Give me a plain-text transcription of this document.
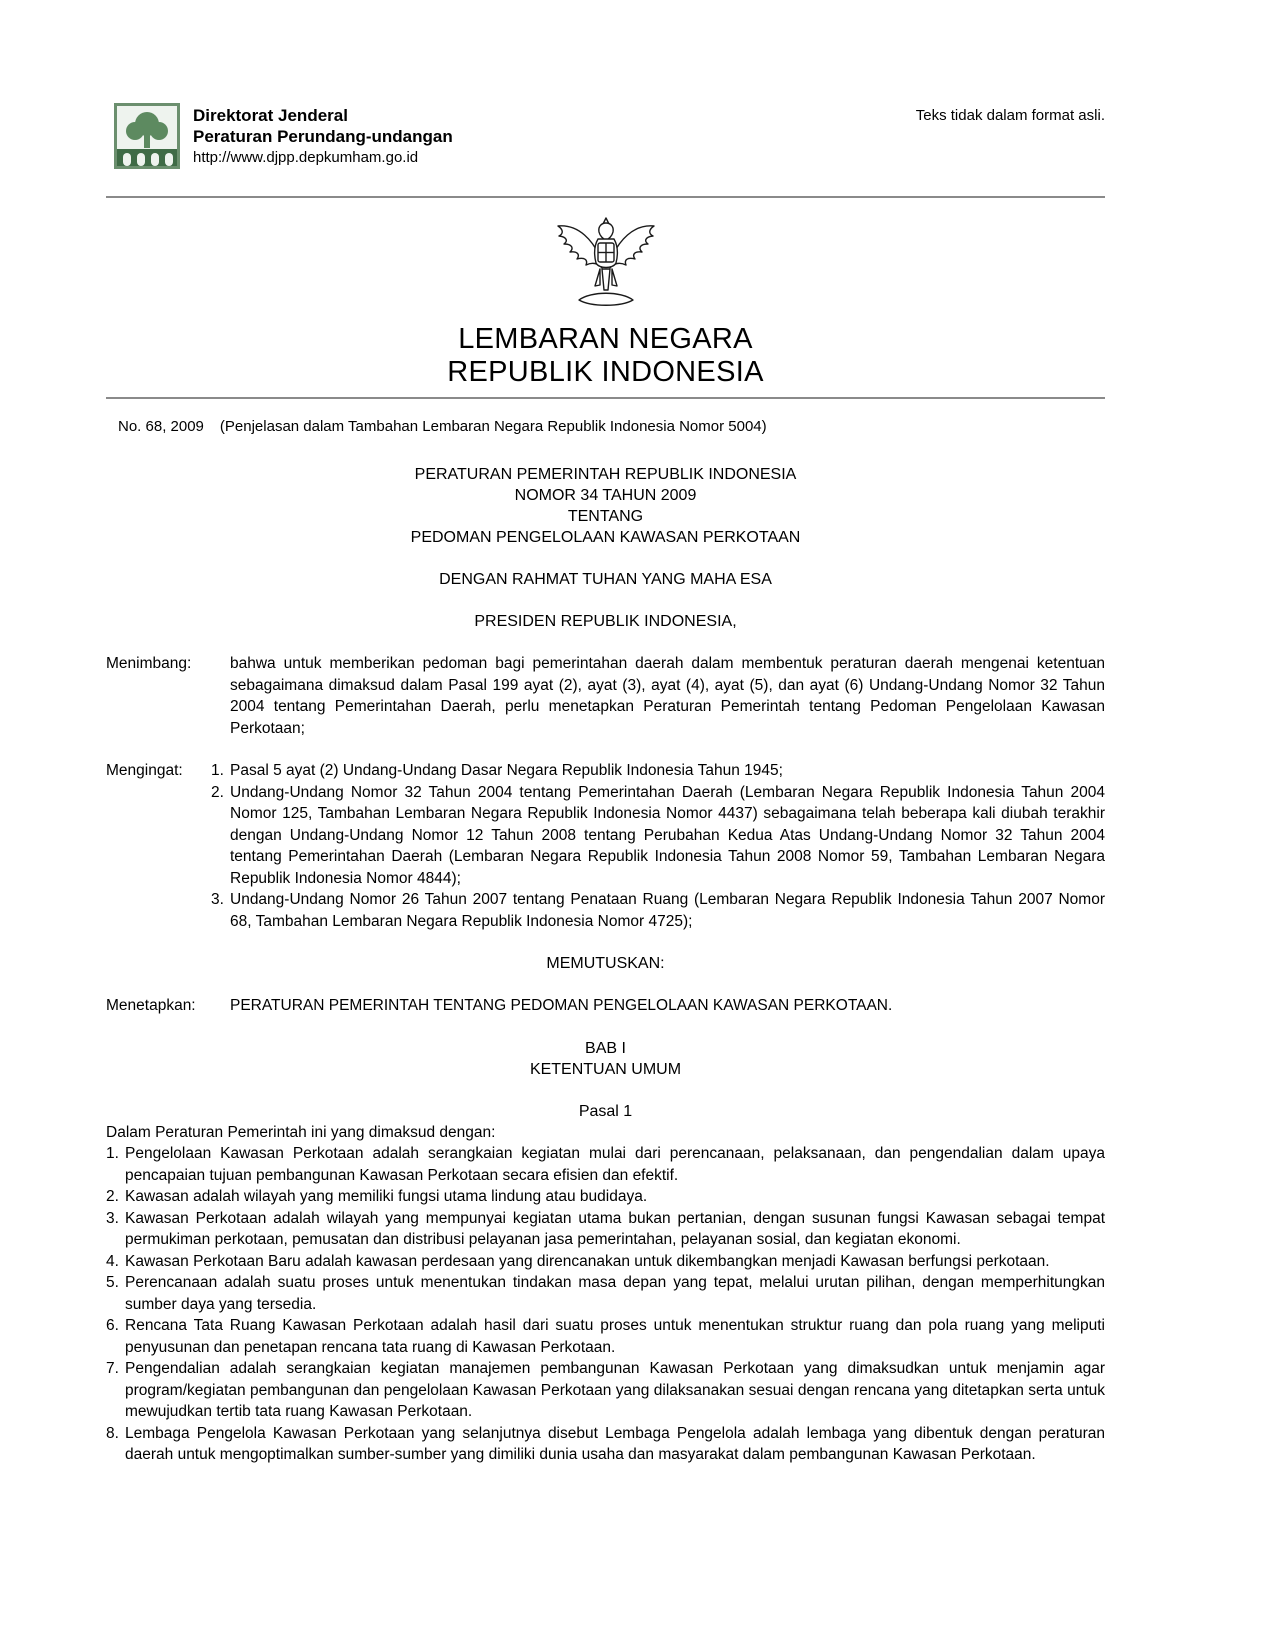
Direktorat Jenderal
Peraturan Perundang-undangan
http://www.djpp.depkumham.go.id
Teks tidak dalam format asli.
LEMBARAN NEGARA
REPUBLIK INDONESIA
No. 68, 2009 (Penjelasan dalam Tambahan Lembaran Negara Republik Indonesia Nomor 5004)
PERATURAN PEMERINTAH REPUBLIK INDONESIA
NOMOR 34 TAHUN 2009
TENTANG
PEDOMAN PENGELOLAAN KAWASAN PERKOTAAN
DENGAN RAHMAT TUHAN YANG MAHA ESA
PRESIDEN REPUBLIK INDONESIA,
Menimbang:	bahwa untuk memberikan pedoman bagi pemerintahan daerah dalam membentuk peraturan daerah mengenai ketentuan sebagaimana dimaksud dalam Pasal 199 ayat (2), ayat (3), ayat (4), ayat (5), dan ayat (6) Undang-Undang Nomor 32 Tahun 2004 tentang Pemerintahan Daerah, perlu menetapkan Peraturan Pemerintah tentang Pedoman Pengelolaan Kawasan Perkotaan;
Mengingat:	1. Pasal 5 ayat (2) Undang-Undang Dasar Negara Republik Indonesia Tahun 1945;
2. Undang-Undang Nomor 32 Tahun 2004 tentang Pemerintahan Daerah (Lembaran Negara Republik Indonesia Tahun 2004 Nomor 125, Tambahan Lembaran Negara Republik Indonesia Nomor 4437) sebagaimana telah beberapa kali diubah terakhir dengan Undang-Undang Nomor 12 Tahun 2008 tentang Perubahan Kedua Atas Undang-Undang Nomor 32 Tahun 2004 tentang Pemerintahan Daerah (Lembaran Negara Republik Indonesia Tahun 2008 Nomor 59, Tambahan Lembaran Negara Republik Indonesia Nomor 4844);
3. Undang-Undang Nomor 26 Tahun 2007 tentang Penataan Ruang (Lembaran Negara Republik Indonesia Tahun 2007 Nomor 68, Tambahan Lembaran Negara Republik Indonesia Nomor 4725);
MEMUTUSKAN:
Menetapkan:	PERATURAN PEMERINTAH TENTANG PEDOMAN PENGELOLAAN KAWASAN PERKOTAAN.
BAB I
KETENTUAN UMUM
Pasal 1
Dalam Peraturan Pemerintah ini yang dimaksud dengan:
1. Pengelolaan Kawasan Perkotaan adalah serangkaian kegiatan mulai dari perencanaan, pelaksanaan, dan pengendalian dalam upaya pencapaian tujuan pembangunan Kawasan Perkotaan secara efisien dan efektif.
2. Kawasan adalah wilayah yang memiliki fungsi utama lindung atau budidaya.
3. Kawasan Perkotaan adalah wilayah yang mempunyai kegiatan utama bukan pertanian, dengan susunan fungsi Kawasan sebagai tempat permukiman perkotaan, pemusatan dan distribusi pelayanan jasa pemerintahan, pelayanan sosial, dan kegiatan ekonomi.
4. Kawasan Perkotaan Baru adalah kawasan perdesaan yang direncanakan untuk dikembangkan menjadi Kawasan berfungsi perkotaan.
5. Perencanaan adalah suatu proses untuk menentukan tindakan masa depan yang tepat, melalui urutan pilihan, dengan memperhitungkan sumber daya yang tersedia.
6. Rencana Tata Ruang Kawasan Perkotaan adalah hasil dari suatu proses untuk menentukan struktur ruang dan pola ruang yang meliputi penyusunan dan penetapan rencana tata ruang di Kawasan Perkotaan.
7. Pengendalian adalah serangkaian kegiatan manajemen pembangunan Kawasan Perkotaan yang dimaksudkan untuk menjamin agar program/kegiatan pembangunan dan pengelolaan Kawasan Perkotaan yang dilaksanakan sesuai dengan rencana yang ditetapkan serta untuk mewujudkan tertib tata ruang Kawasan Perkotaan.
8. Lembaga Pengelola Kawasan Perkotaan yang selanjutnya disebut Lembaga Pengelola adalah lembaga yang dibentuk dengan peraturan daerah untuk mengoptimalkan sumber-sumber yang dimiliki dunia usaha dan masyarakat dalam pembangunan Kawasan Perkotaan.
